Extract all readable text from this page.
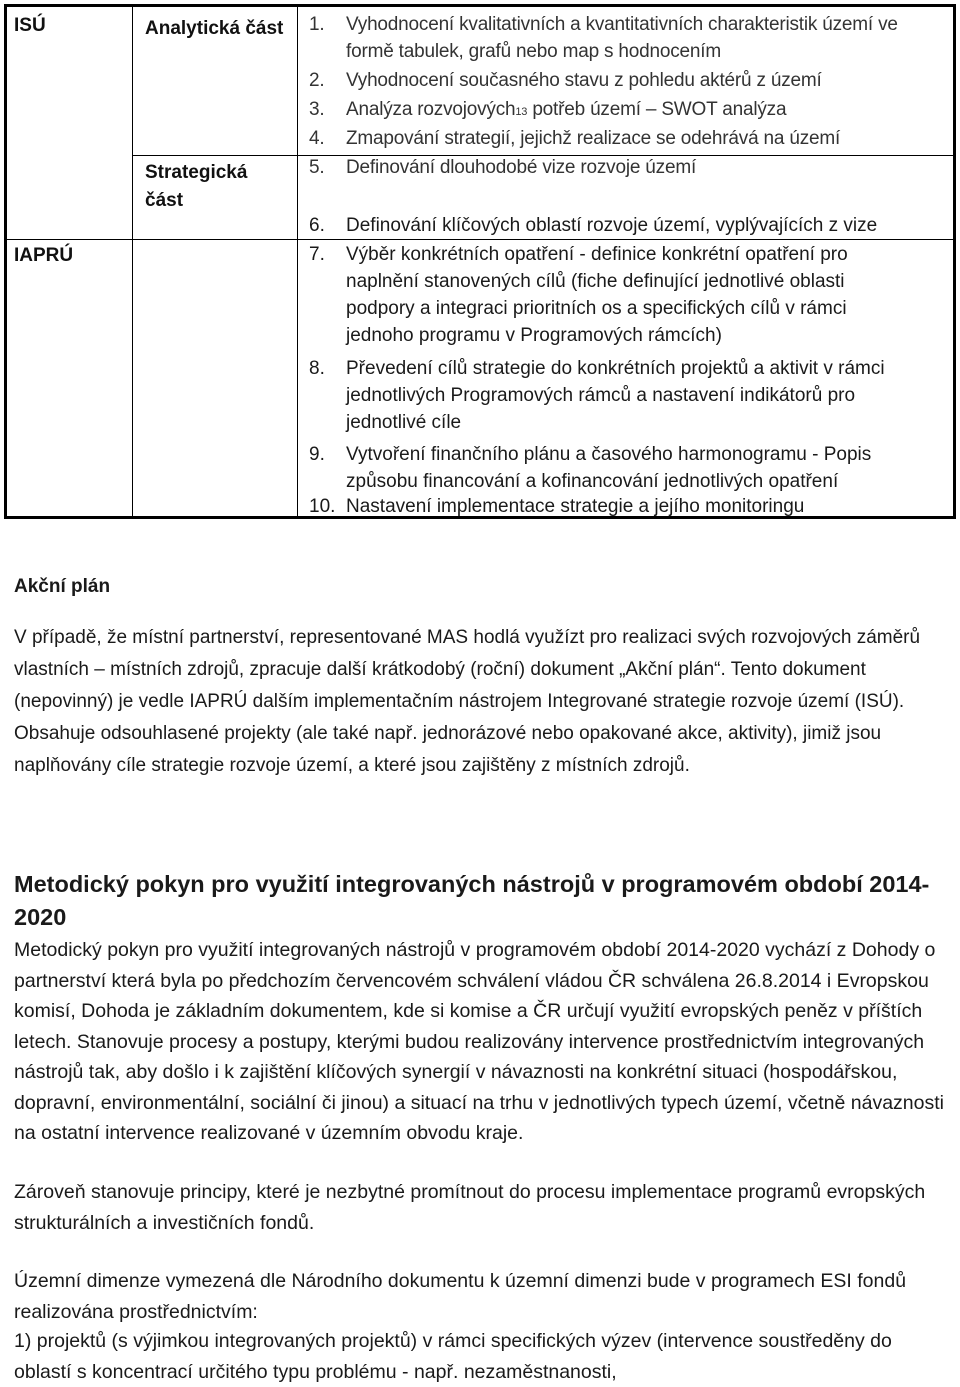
ISÚ
IAPRÚ
Analytická část
Strategická část
1. Vyhodnocení kvalitativních a kvantitativních charakteristik území ve formě tabulek, grafů nebo map s hodnocením
2. Vyhodnocení současného stavu z pohledu aktérů z území
3. Analýza rozvojových13 potřeb území – SWOT analýza
4. Zmapování strategií, jejichž realizace se odehrává na území
5. Definování dlouhodobé vize rozvoje území
6. Definování klíčových oblastí rozvoje území, vyplývajících z vize
7. Výběr konkrétních opatření - definice konkrétní opatření pro naplnění stanovených cílů (fiche definující jednotlivé oblasti podpory a integraci prioritních os a specifických cílů v rámci jednoho programu v Programových rámcích)
8. Převedení cílů strategie do konkrétních projektů a aktivit v rámci jednotlivých Programových rámců a nastavení indikátorů pro jednotlivé cíle
9. Vytvoření finančního plánu a časového harmonogramu - Popis způsobu financování a kofinancování jednotlivých opatření
10. Nastavení implementace strategie a jejího monitoringu
Akční plán

V případě, že místní partnerství, representované MAS hodlá využízt pro realizaci svých rozvojových záměrů vlastních – místních zdrojů, zpracuje další krátkodobý (roční) dokument „Akční plán“. Tento dokument (nepovinný) je vedle IAPRÚ dalším implementačním nástrojem Integrované strategie rozvoje území (ISÚ). Obsahuje odsouhlasené projekty (ale také např. jednorázové nebo opakované akce, aktivity), jimiž jsou naplňovány cíle strategie rozvoje území, a které jsou zajištěny z místních zdrojů.

Metodický pokyn pro využití integrovaných nástrojů v programovém období 2014-2020

Metodický pokyn pro využití integrovaných nástrojů v programovém období 2014-2020 vychází z Dohody o partnerství která byla po předchozím červencovém schválení vládou ČR schválena 26.8.2014 i Evropskou komisí, Dohoda je základním dokumentem, kde si komise a ČR určují využití evropských peněz v příštích letech. Stanovuje procesy a postupy, kterými budou realizovány intervence prostřednictvím integrovaných nástrojů tak, aby došlo i k zajištění klíčových synergií v návaznosti na konkrétní situaci (hospodářskou, dopravní, environmentální, sociální či jinou) a situací na trhu v jednotlivých typech území, včetně návaznosti na ostatní intervence realizované v územním obvodu kraje.

Zároveň stanovuje principy, které je nezbytné promítnout do procesu implementace programů evropských strukturálních a investičních fondů.

Územní dimenze vymezená dle Národního dokumentu k územní dimenzi bude v programech ESI fondů realizována prostřednictvím:

1) projektů (s výjimkou integrovaných projektů) v rámci specifických výzev (intervence soustředěny do oblastí s koncentrací určitého typu problému - např. nezaměstnanosti,
